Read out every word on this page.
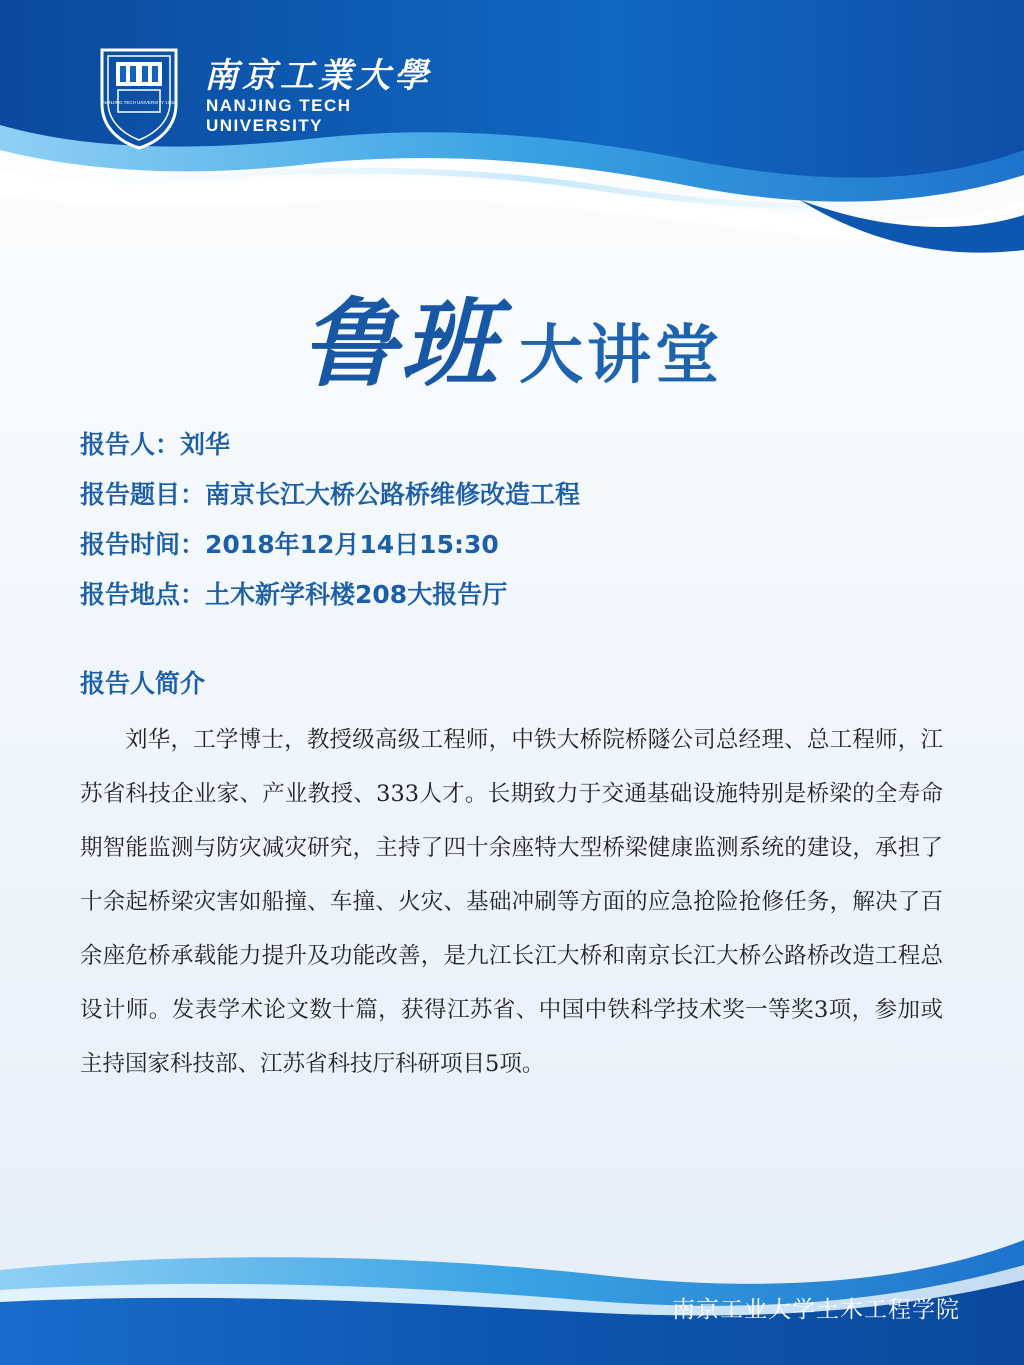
NANJING TECH UNIVERSITY 1902
南京工業大學
NANJING TECH
UNIVERSITY
鲁班 大讲堂
报告人：刘华
报告题目：南京长江大桥公路桥维修改造工程
报告时间：2018年12月14日15:30
报告地点：土木新学科楼208大报告厅
报告人简介

刘华，工学博士，教授级高级工程师，中铁大桥院桥隧公司总经理、总工程师，江苏省科技企业家、产业教授、333人才。长期致力于交通基础设施特别是桥梁的全寿命期智能监测与防灾减灾研究，主持了四十余座特大型桥梁健康监测系统的建设，承担了十余起桥梁灾害如船撞、车撞、火灾、基础冲刷等方面的应急抢险抢修任务，解决了百余座危桥承载能力提升及功能改善，是九江长江大桥和南京长江大桥公路桥改造工程总设计师。发表学术论文数十篇，获得江苏省、中国中铁科学技术奖一等奖3项，参加或主持国家科技部、江苏省科技厅科研项目5项。

南京工业大学土木工程学院
